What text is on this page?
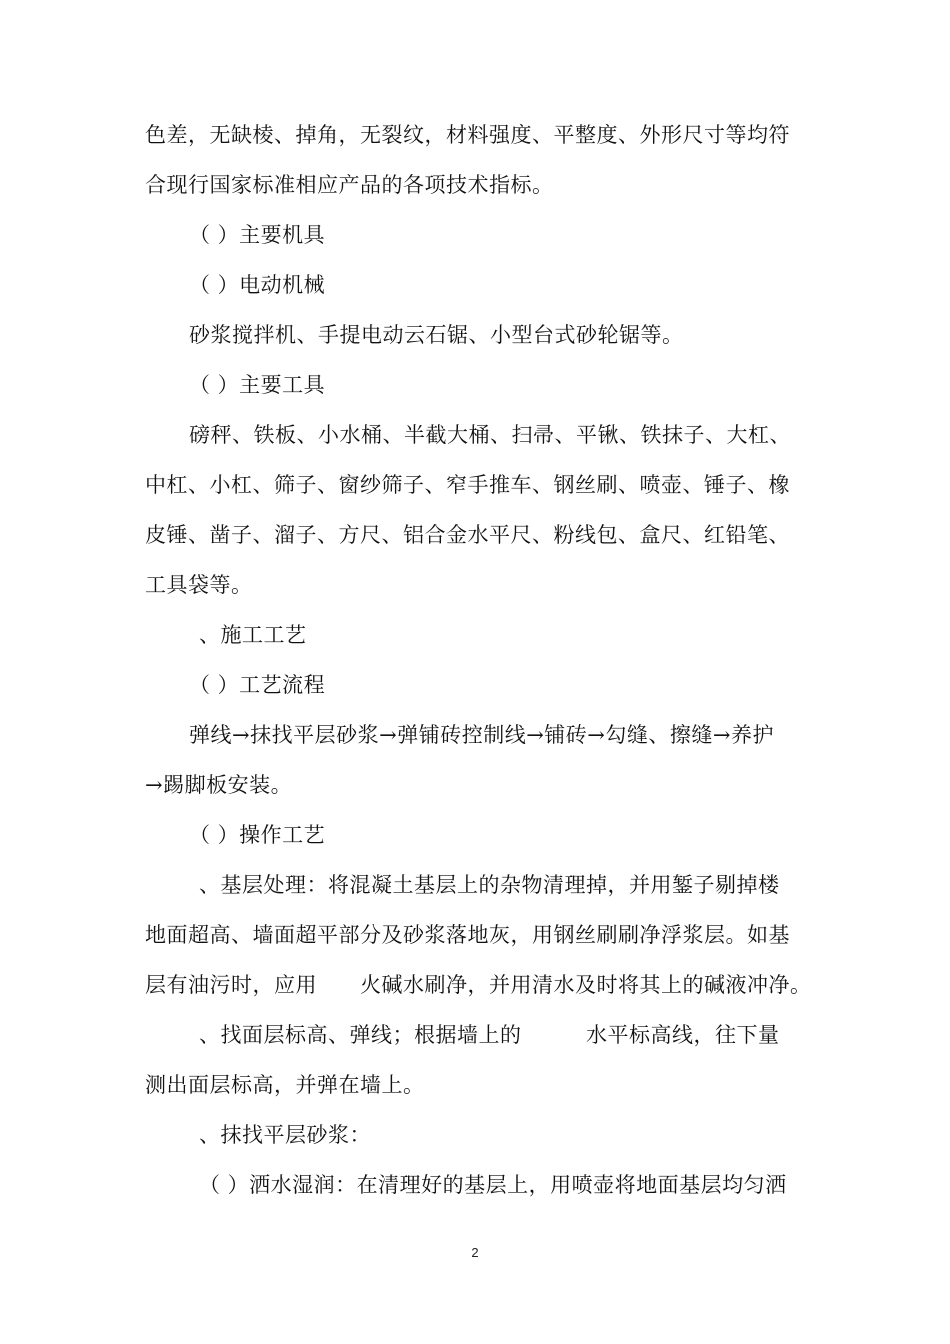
色差，无缺棱、掉角，无裂纹，材料强度、平整度、外形尺寸等均符
合现行国家标准相应产品的各项技术指标。
（ ）主要机具
（ ）电动机械
砂浆搅拌机、手提电动云石锯、小型台式砂轮锯等。
（ ）主要工具
磅秤、铁板、小水桶、半截大桶、扫帚、平锹、铁抹子、大杠、
中杠、小杠、筛子、窗纱筛子、窄手推车、钢丝刷、喷壶、锤子、橡
皮锤、凿子、溜子、方尺、铝合金水平尺、粉线包、盒尺、红铅笔、
工具袋等。
、施工工艺
（ ）工艺流程
弹线→抹找平层砂浆→弹铺砖控制线→铺砖→勾缝、擦缝→养护
→踢脚板安装。
（ ）操作工艺
、基层处理：将混凝土基层上的杂物清理掉，并用錾子剔掉楼
地面超高、墙面超平部分及砂浆落地灰，用钢丝刷刷净浮浆层。如基
层有油污时，应用　　火碱水刷净，并用清水及时将其上的碱液冲净。
、找面层标高、弹线；根据墙上的　　　水平标高线，往下量
测出面层标高，并弹在墙上。
、抹找平层砂浆：
（ ）洒水湿润：在清理好的基层上，用喷壶将地面基层均匀洒
2
